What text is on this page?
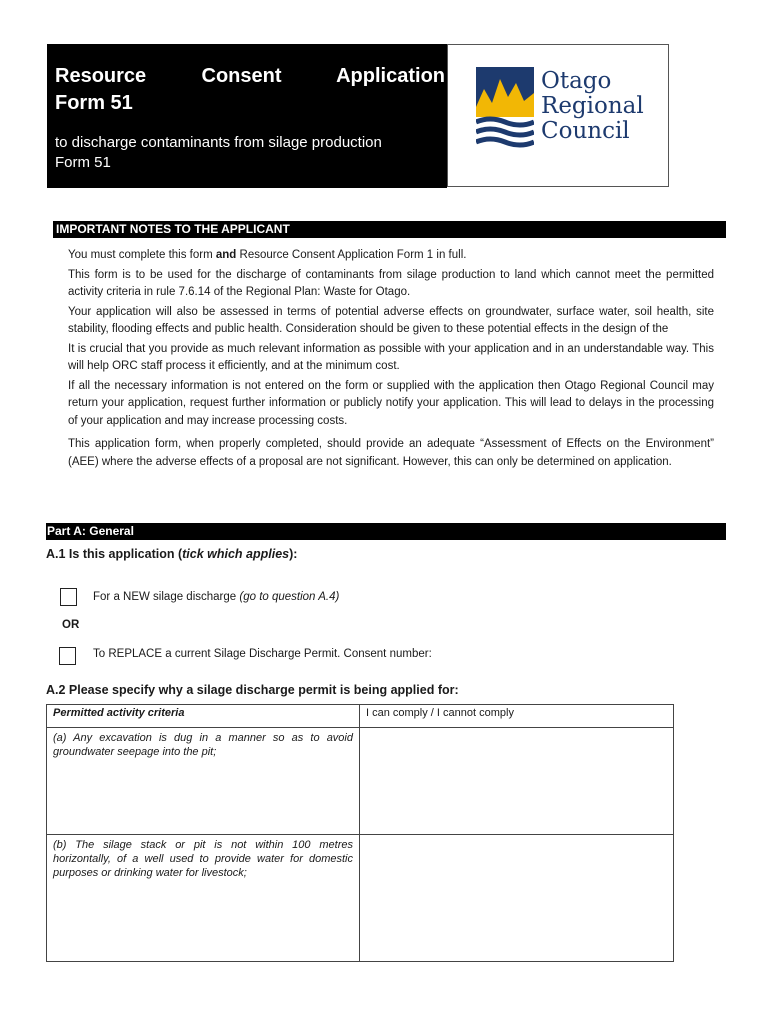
Resource	Consent	Application
Form 51
to discharge contaminants from silage production
Form 51
Otago
Regional
Council
IMPORTANT NOTES TO THE APPLICANT

You must complete this form and Resource Consent Application Form 1 in full.

This form is to be used for the discharge of contaminants from silage production to land which cannot meet the permitted activity criteria in rule 7.6.14 of the Regional Plan: Waste for Otago.

Your application will also be assessed in terms of potential adverse effects on groundwater, surface water, soil health, site stability, flooding effects and public health. Consideration should be given to these potential effects in the design of the

It is crucial that you provide as much relevant information as possible with your application and in an understandable way. This will help ORC staff process it efficiently, and at the minimum cost.

If all the necessary information is not entered on the form or supplied with the application then Otago Regional Council may return your application, request further information or publicly notify your application. This will lead to delays in the processing of your application and may increase processing costs.

This application form, when properly completed, should provide an adequate “Assessment of Effects on the Environment” (AEE) where the adverse effects of a proposal are not significant. However, this can only be determined on application.

Part A: General
A.1 Is this application (tick which applies):
For a NEW silage discharge (go to question A.4)
OR
To REPLACE a current Silage Discharge Permit. Consent number:
A.2 Please specify why a silage discharge permit is being applied for:
Permitted activity criteria	I can comply / I cannot comply
(a) Any excavation is dug in a manner so as to avoid groundwater seepage into the pit;	
(b) The silage stack or pit is not within 100 metres horizontally, of a well used to provide water for domestic purposes or drinking water for livestock;	
